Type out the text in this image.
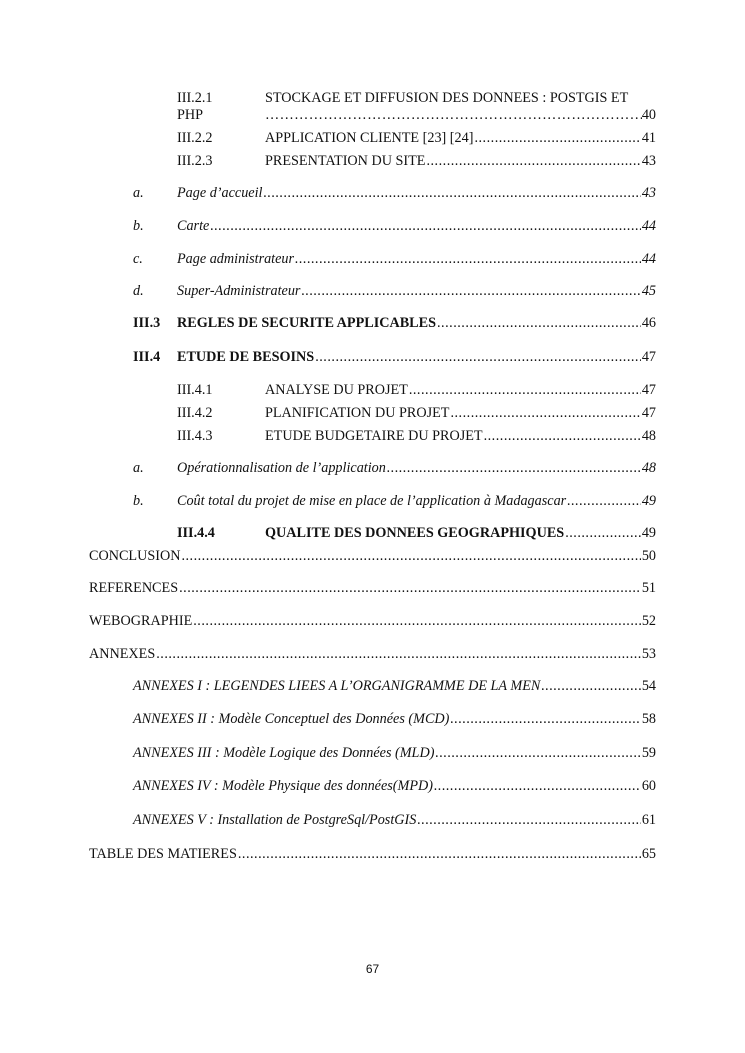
III.2.1	STOCKAGE ET DIFFUSION DES DONNEES : POSTGIS ET
PHP ……………………………………………………………………………………………………………………………………………………	40
III.2.2	APPLICATION CLIENTE [23] [24] .....	41
III.2.3	PRESENTATION DU SITE .....	43
a.	Page d’accueil .....	43
b.	Carte .....	44
c.	Page administrateur .....	44
d.	Super-Administrateur .....	45
III.3	REGLES DE SECURITE APPLICABLES .....	46
III.4	ETUDE DE BESOINS .....	47
III.4.1	ANALYSE DU PROJET .....	47
III.4.2	PLANIFICATION DU PROJET .....	47
III.4.3	ETUDE BUDGETAIRE DU PROJET .....	48
a.	Opérationnalisation de l’application .....	48
b.	Coût total du projet de mise en place de l’application à Madagascar .....	49
III.4.4	QUALITE DES DONNEES GEOGRAPHIQUES .....	49
CONCLUSION .....	50
REFERENCES .....	51
WEBOGRAPHIE .....	52
ANNEXES .....	53
ANNEXES I : LEGENDES LIEES A L’ORGANIGRAMME DE LA MEN .....	54
ANNEXES II : Modèle Conceptuel des Données (MCD) .....	58
ANNEXES III : Modèle Logique des Données (MLD) .....	59
ANNEXES IV : Modèle Physique des données(MPD) .....	60
ANNEXES V : Installation de PostgreSql/PostGIS .....	61
TABLE DES MATIERES .....	65
67
